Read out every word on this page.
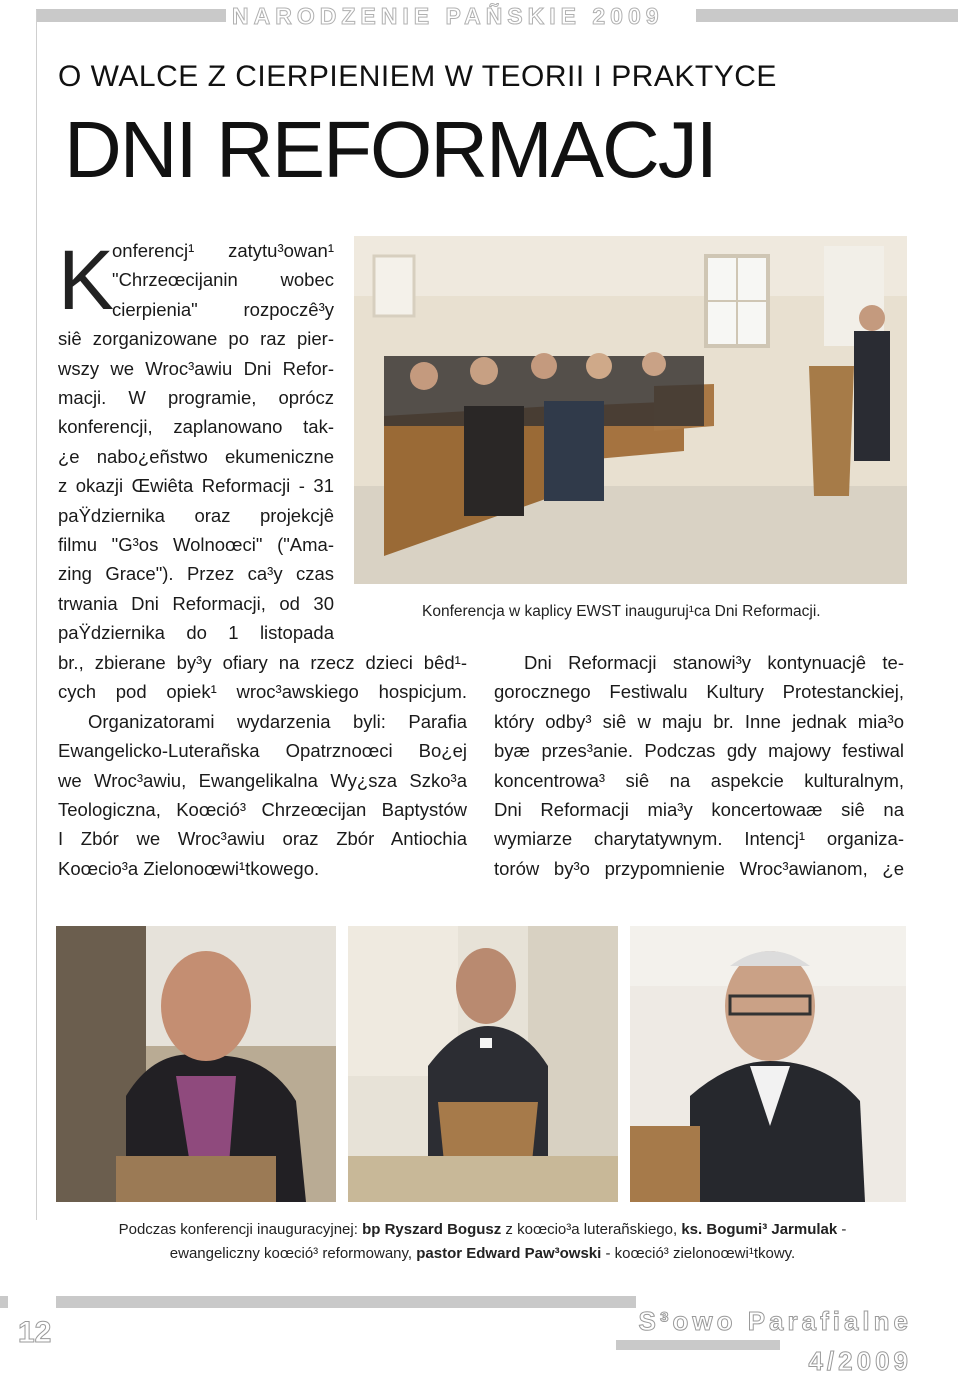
NARODZENIE PAÑSKIE 2009
O WALCE Z CIERPIENIEM W TEORII I PRAKTYCE
DNI REFORMACJI
K
onferencj¹ zatytu³owan¹
"Chrzeœcijanin wobec
cierpienia" rozpoczê³y
siê zorganizowane po raz pier-
wszy we Wroc³awiu Dni Refor-
macji. W programie, oprócz
konferencji, zaplanowano tak-
¿e nabo¿eñstwo ekumeniczne
z okazji Œwiêta Reformacji - 31
paŸdziernika oraz projekcjê
filmu "G³os Wolnoœci" ("Ama-
zing Grace"). Przez ca³y czas
trwania Dni Reformacji, od 30
paŸdziernika do 1 listopada
Konferencja w kaplicy EWST inauguruj¹ca Dni Reformacji.
br., zbierane by³y ofiary na rzecz dzieci bêd¹-
cych pod opiek¹ wroc³awskiego hospicjum.
Organizatorami wydarzenia byli: Parafia
Ewangelicko-Luterañska Opatrznoœci Bo¿ej
we Wroc³awiu, Ewangelikalna Wy¿sza Szko³a
Teologiczna, Koœció³ Chrzeœcijan Baptystów
I Zbór we Wroc³awiu oraz Zbór Antiochia
Koœcio³a Zielonoœwi¹tkowego.
Dni Reformacji stanowi³y kontynuacjê te-
gorocznego Festiwalu Kultury Protestanckiej,
który odby³ siê w maju br. Inne jednak mia³o
byæ przes³anie. Podczas gdy majowy festiwal
koncentrowa³ siê na aspekcie kulturalnym,
Dni Reformacji mia³y koncertowaæ siê na
wymiarze charytatywnym. Intencj¹ organiza-
torów by³o przypomnienie Wroc³awianom, ¿e
Podczas konferencji inauguracyjnej: bp Ryszard Bogusz z koœcio³a luterañskiego, ks. Bogumi³ Jarmulak -
ewangeliczny koœció³ reformowany, pastor Edward Paw³owski - koœció³ zielonoœwi¹tkowy.
12	S³owo Parafialne
4/2009
